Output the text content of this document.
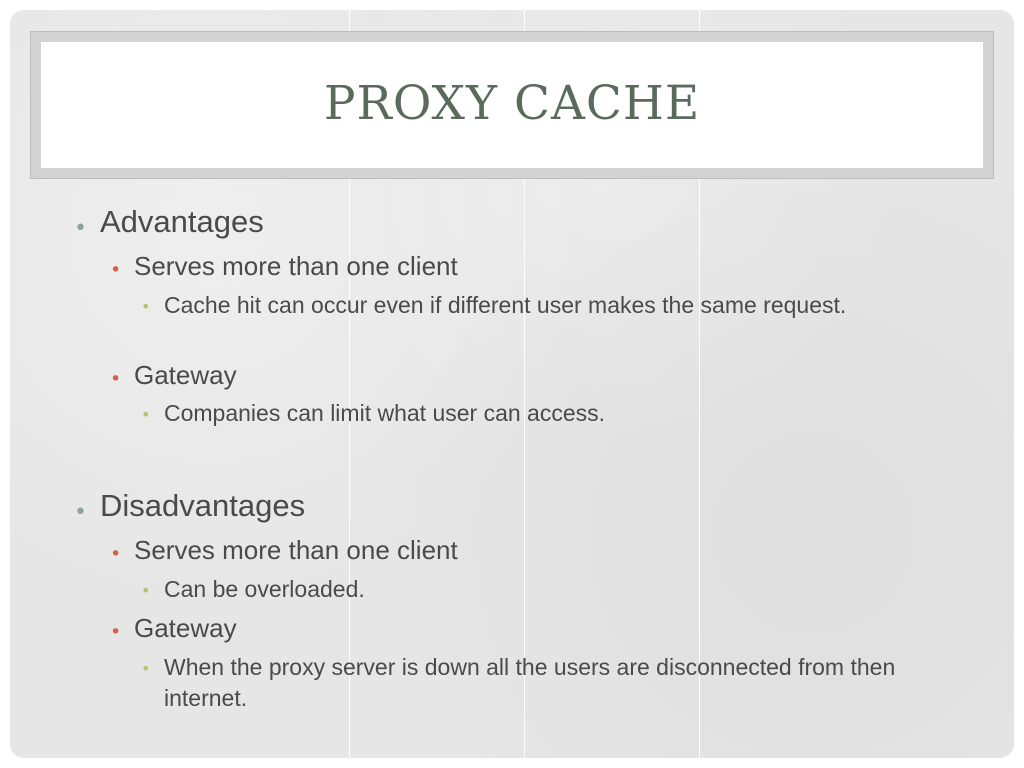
PROXY CACHE
• Advantages
• Serves more than one client
• Cache hit can occur even if different user makes the same request.
• Gateway
• Companies can limit what user can access.
• Disadvantages
• Serves more than one client
• Can be overloaded.
• Gateway
• When the proxy server is down all the users are disconnected from then internet.
